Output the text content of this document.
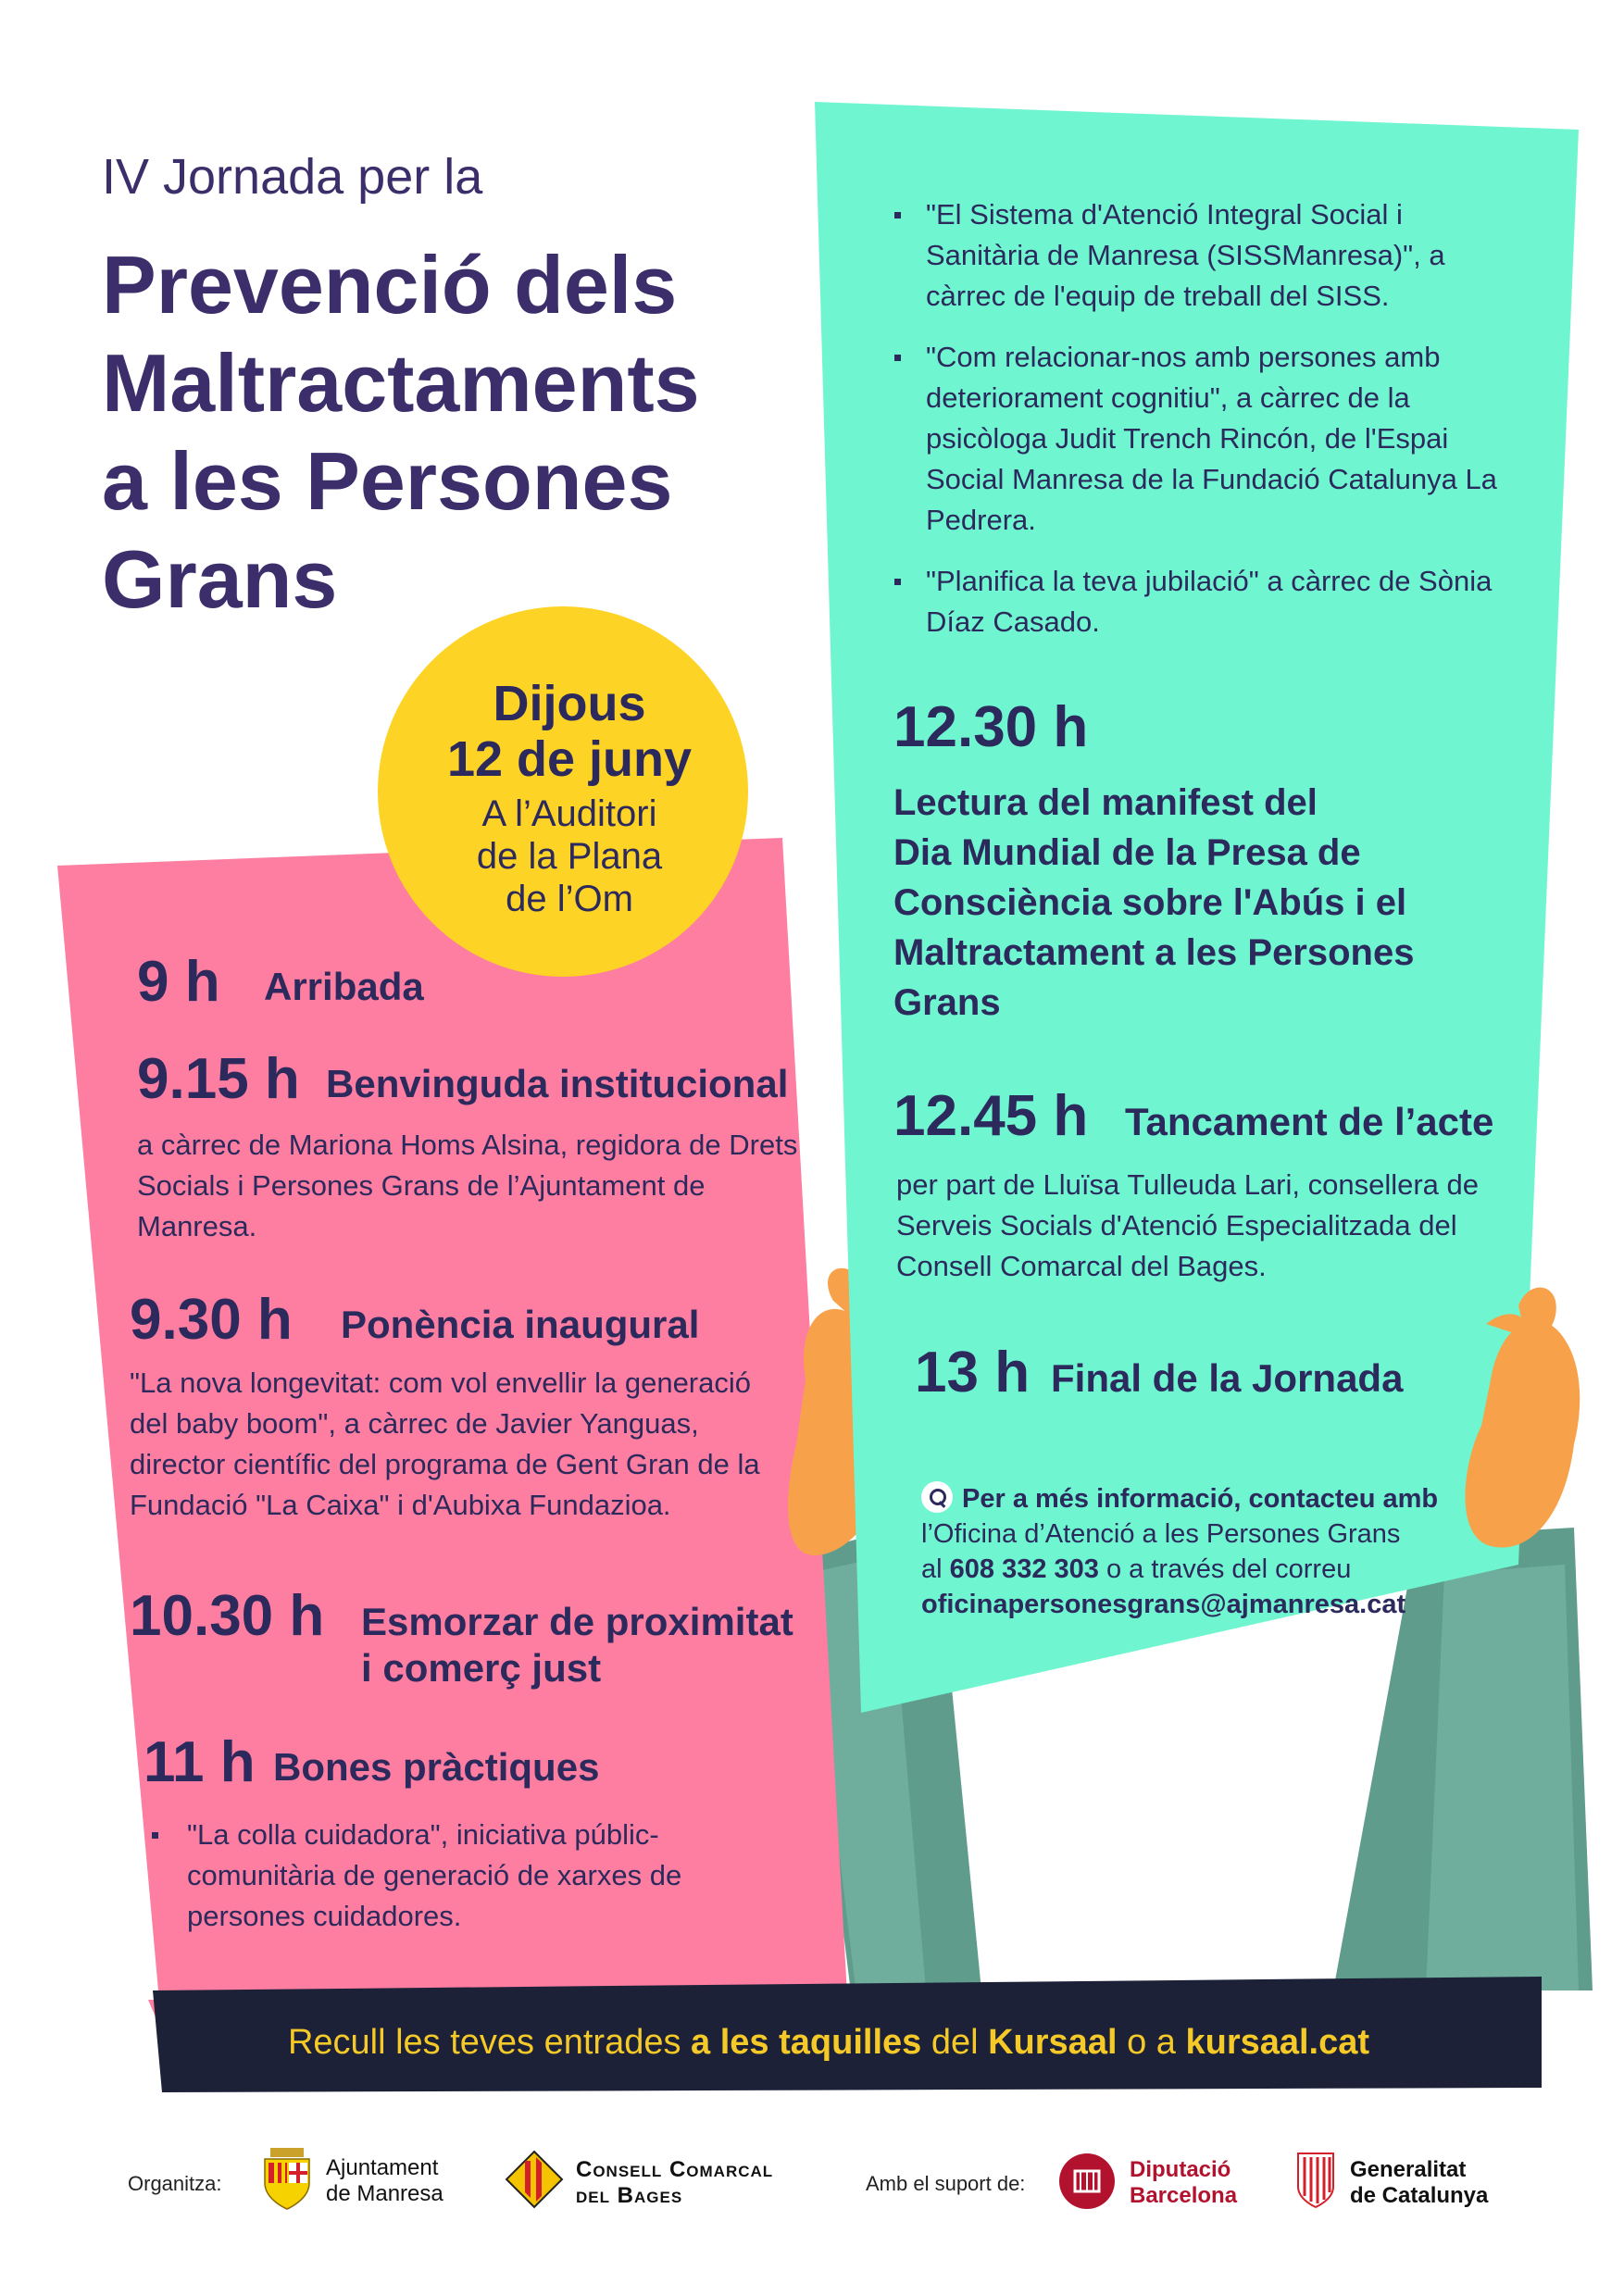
IV Jornada per la
Prevenció dels
Maltractaments
a les Persones
Grans
Dijous
12 de juny
A l’Auditori
de la Plana
de l’Om
9 h Arribada
9.15 h Benvinguda institucional
a càrrec de Mariona Homs Alsina, regidora de Drets Socials i Persones Grans de l’Ajuntament de Manresa.
9.30 h Ponència inaugural
"La nova longevitat: com vol envellir la generació del baby boom", a càrrec de Javier Yanguas, director científic del programa de Gent Gran de la Fundació "La Caixa" i d'Aubixa Fundazioa.
10.30 h Esmorzar de proximitat
i comerç just
11 h Bones pràctiques
"La colla cuidadora", iniciativa públic-comunitària de generació de xarxes de persones cuidadores.
"El Sistema d'Atenció Integral Social i Sanitària de Manresa (SISSManresa)", a càrrec de l'equip de treball del SISS.
"Com relacionar-nos amb persones amb deteriorament cognitiu", a càrrec de la psicòloga Judit Trench Rincón, de l'Espai Social Manresa de la Fundació Catalunya La Pedrera.
"Planifica la teva jubilació" a càrrec de Sònia Díaz Casado.
12.30 h
Lectura del manifest del
Dia Mundial de la Presa de
Consciència sobre l'Abús i el
Maltractament a les Persones
Grans
12.45 h Tancament de l’acte
per part de Lluïsa Tulleuda Lari, consellera de Serveis Socials d'Atenció Especialitzada del Consell Comarcal del Bages.
13 h Final de la Jornada
Per a més informació, contacteu amb
l’Oficina d’Atenció a les Persones Grans
al 608 332 303 o a través del correu
oficinapersonesgrans@ajmanresa.cat
Recull les teves entrades a les taquilles del Kursaal o a kursaal.cat
Organitza:
Ajuntament
de Manresa
Consell Comarcal
del Bages	Amb el suport de:
Diputació
Barcelona
Generalitat
de Catalunya
